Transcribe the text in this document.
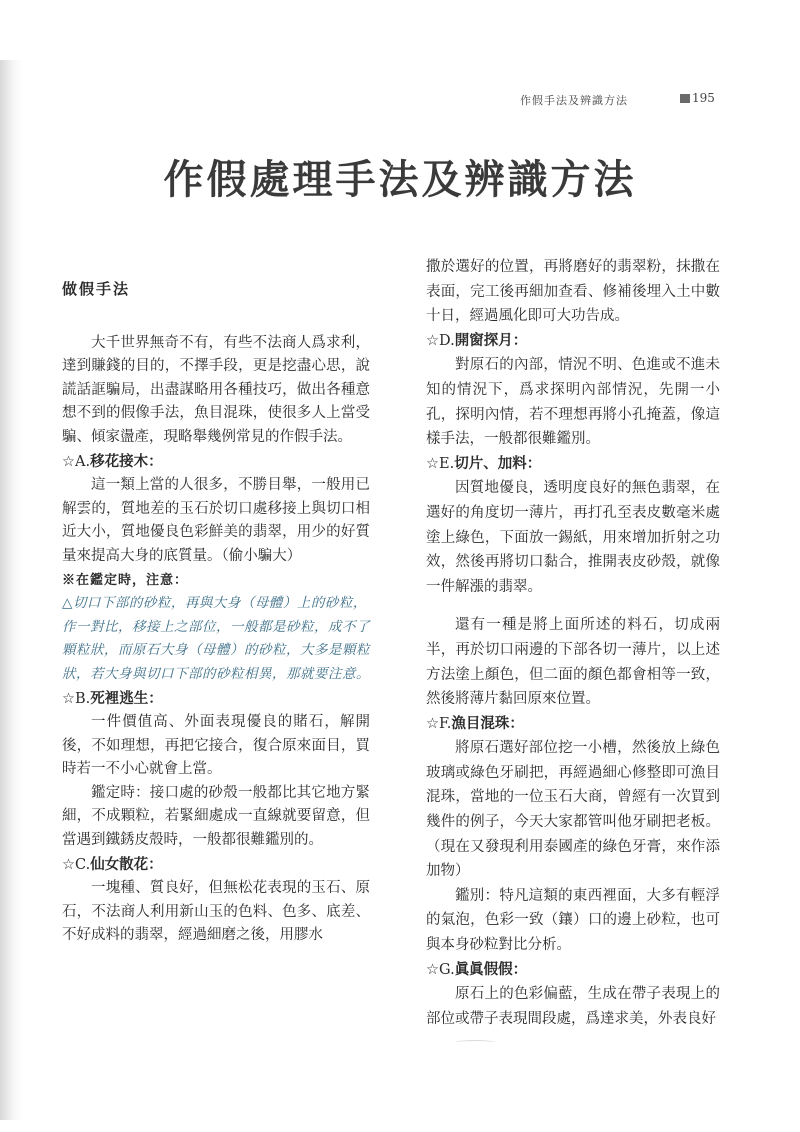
作假手法及辨識方法	195
作假處理手法及辨識方法

做假手法

大千世界無奇不有，有些不法商人爲求利，達到賺錢的目的，不擇手段，更是挖盡心思，說謊話誆騙局，出盡謀略用各種技巧，做出各種意想不到的假像手法，魚目混珠，使很多人上當受騙、傾家盪產，現略舉幾例常見的作假手法。

☆A.移花接木：

這一類上當的人很多，不勝目舉，一般用已解雲的，質地差的玉石於切口處移接上與切口相近大小，質地優良色彩鮮美的翡翠，用少的好質量來提高大身的底質量。（偷小騙大）

※在鑑定時，注意：

△切口下部的砂粒，再與大身（母體）上的砂粒，作一對比，移接上之部位，一般都是砂粒，成不了顆粒狀，而原石大身（母體）的砂粒，大多是顆粒狀，若大身與切口下部的砂粒相異，那就要注意。

☆B.死裡逃生：

一件價值高、外面表現優良的賭石，解開後，不如理想，再把它接合，復合原來面目，買時若一不小心就會上當。

鑑定時：接口處的砂殼一般都比其它地方緊細，不成顆粒，若緊細處成一直線就要留意，但當遇到鐵銹皮殼時，一般都很難鑑別的。

☆C.仙女散花：

一塊種、質良好，但無松花表現的玉石、原石，不法商人利用新山玉的色料、色多、底差、不好成料的翡翠，經過細磨之後，用膠水

撒於選好的位置，再將磨好的翡翠粉，抹撒在表面，完工後再細加查看、修補後埋入土中數十日，經過風化即可大功告成。

☆D.開窗探月：

對原石的內部，情況不明、色進或不進未知的情況下，爲求探明內部情況，先開一小孔，探明內情，若不理想再將小孔掩蓋，像這樣手法，一般都很難鑑別。

☆E.切片、加料：

因質地優良，透明度良好的無色翡翠，在選好的角度切一薄片，再打孔至表皮數毫米處塗上綠色，下面放一錫紙，用來增加折射之功效，然後再將切口黏合，推開表皮砂殼，就像一件解漲的翡翠。

還有一種是將上面所述的料石，切成兩半，再於切口兩邊的下部各切一薄片，以上述方法塗上顏色，但二面的顏色都會相等一致，然後將薄片黏回原來位置。

☆F.漁目混珠：

將原石選好部位挖一小槽，然後放上綠色玻璃或綠色牙刷把，再經過細心修整即可漁目混珠，當地的一位玉石大商，曾經有一次買到幾件的例子，今天大家都管叫他牙刷把老板。（現在又發現利用泰國產的綠色牙膏，來作添加物）

鑑別：特凡這類的東西裡面，大多有輕浮的氣泡，色彩一致（鑲）口的邊上砂粒，也可與本身砂粒對比分析。

☆G.眞眞假假：

原石上的色彩偏藍，生成在帶子表現上的部位或帶子表現間段處，爲達求美，外表良好
